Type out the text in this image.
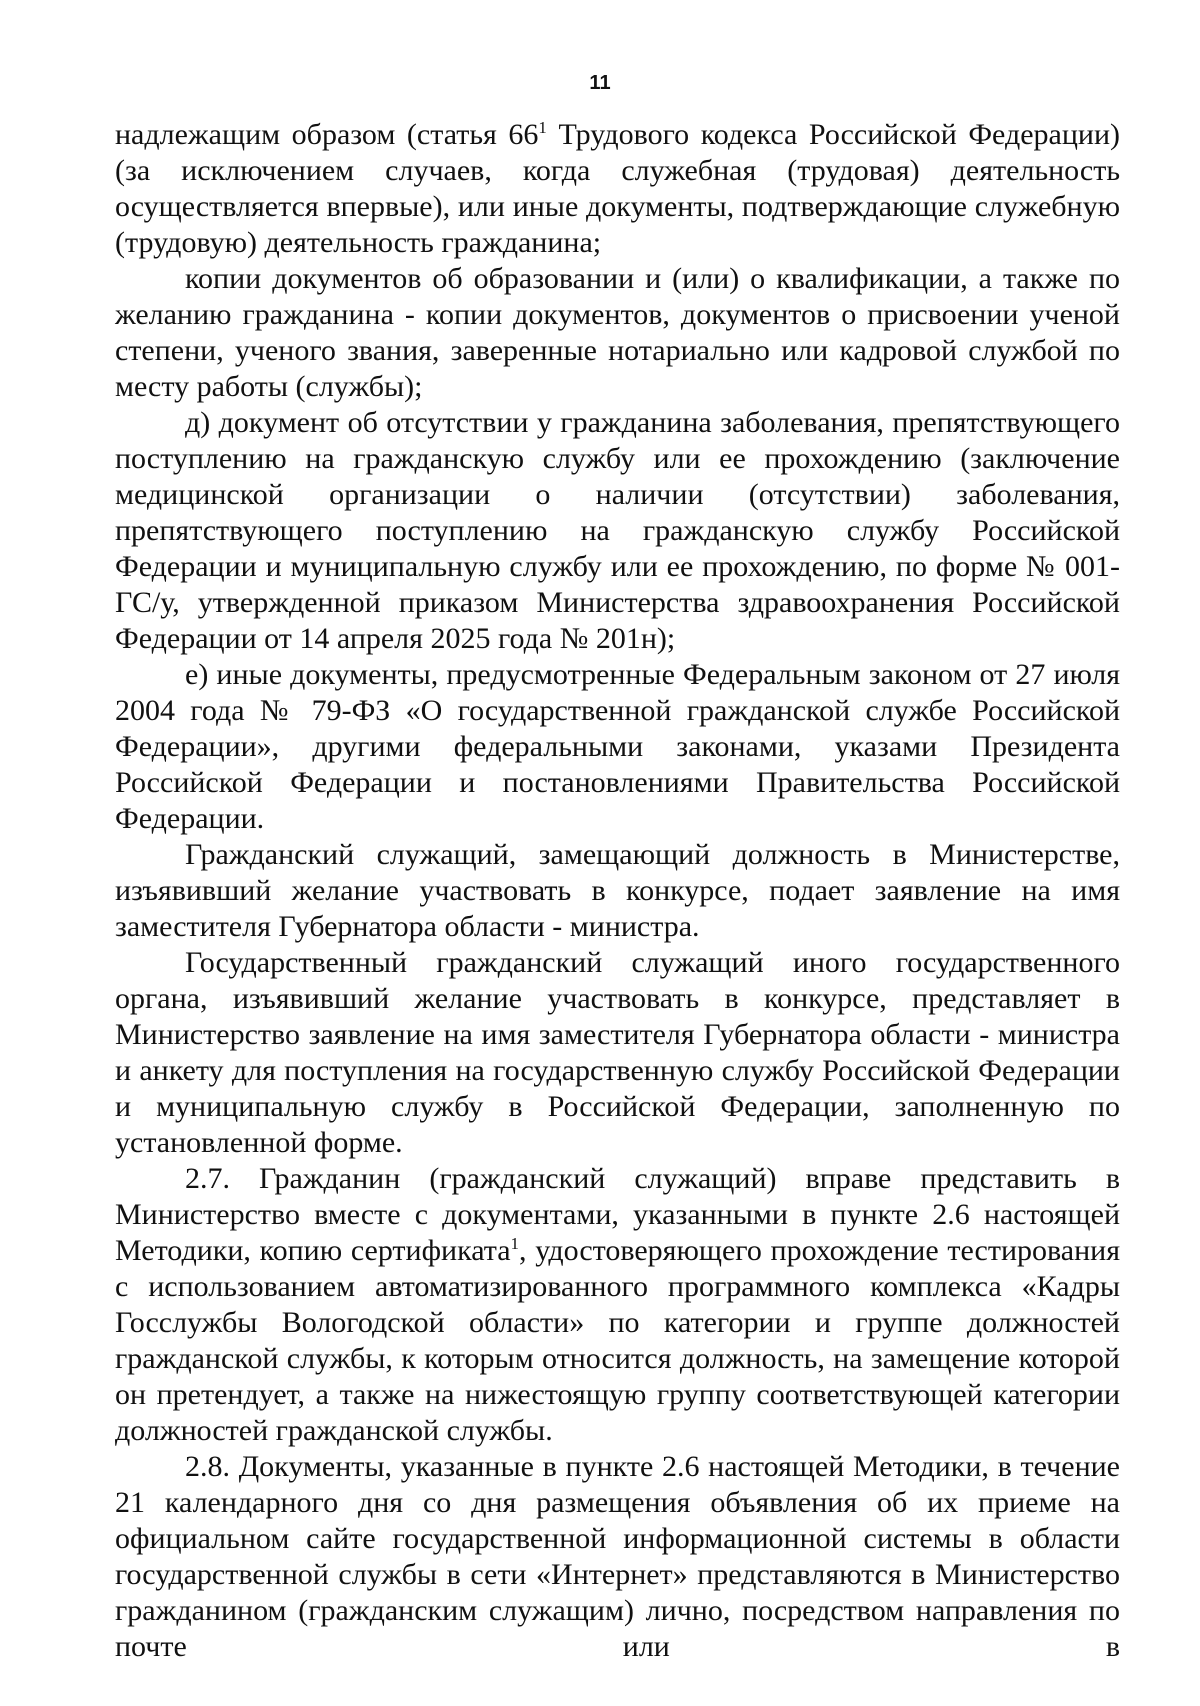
11

надлежащим образом (статья $66^1$ Трудового кодекса Российской Федерации) (за исключением случаев, когда служебная (трудовая) деятельность осуществляется впервые), или иные документы, подтверждающие служебную (трудовую) деятельность гражданина;

копии документов об образовании и (или) о квалификации, а также по желанию гражданина - копии документов, документов о присвоении ученой степени, ученого звания, заверенные нотариально или кадровой службой по месту работы (службы);

д) документ об отсутствии у гражданина заболевания, препятствующего поступлению на гражданскую службу или ее прохождению (заключение медицинской организации о наличии (отсутствии) заболевания, препятствующего поступлению на гражданскую службу Российской Федерации и муниципальную службу или ее прохождению, по форме № 001-ГС/у, утвержденной приказом Министерства здравоохранения Российской Федерации от 14 апреля 2025 года № 201н);

е) иные документы, предусмотренные Федеральным законом от 27 июля 2004 года № 79-ФЗ «О государственной гражданской службе Российской Федерации», другими федеральными законами, указами Президента Российской Федерации и постановлениями Правительства Российской Федерации.

Гражданский служащий, замещающий должность в Министерстве, изъявивший желание участвовать в конкурсе, подает заявление на имя заместителя Губернатора области - министра.

Государственный гражданский служащий иного государственного органа, изъявивший желание участвовать в конкурсе, представляет в Министерство заявление на имя заместителя Губернатора области - министра и анкету для поступления на государственную службу Российской Федерации и муниципальную службу в Российской Федерации, заполненную по установленной форме.

2.7. Гражданин (гражданский служащий) вправе представить в Министерство вместе с документами, указанными в пункте 2.6 настоящей Методики, копию сертификата$^1$, удостоверяющего прохождение тестирования с использованием автоматизированного программного комплекса «Кадры Госслужбы Вологодской области» по категории и группе должностей гражданской службы, к которым относится должность, на замещение которой он претендует, а также на нижестоящую группу соответствующей категории должностей гражданской службы.

2.8. Документы, указанные в пункте 2.6 настоящей Методики, в течение 21 календарного дня со дня размещения объявления об их приеме на официальном сайте государственной информационной системы в области государственной службы в сети «Интернет» представляются в Министерство гражданином (гражданским служащим) лично, посредством направления по почте или в
